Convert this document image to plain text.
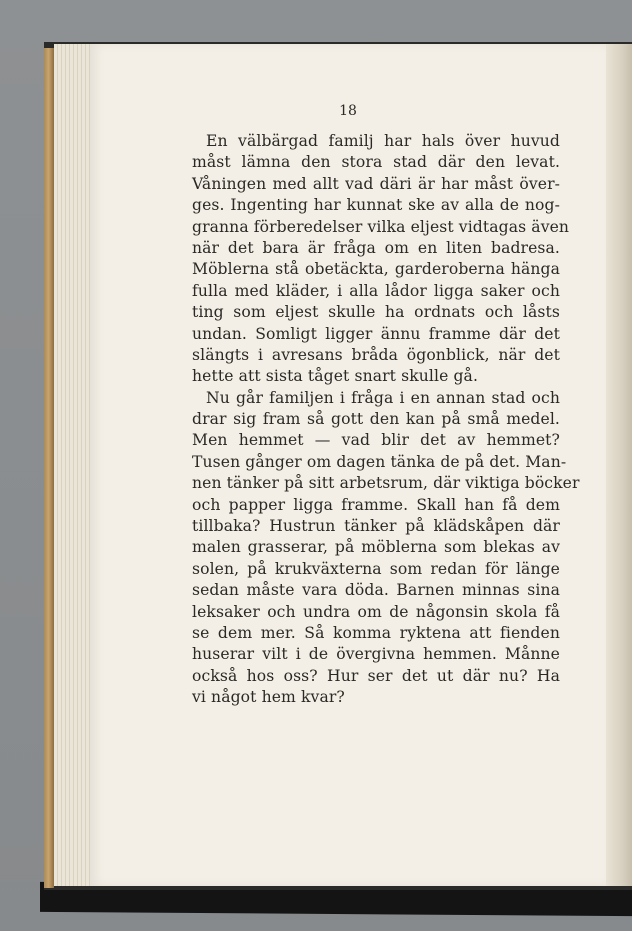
18
En välbärgad familj har hals över huvud
måst lämna den stora stad där den levat.
Våningen med allt vad däri är har måst över-
ges. Ingenting har kunnat ske av alla de nog-
granna förberedelser vilka eljest vidtagas även
när det bara är fråga om en liten badresa.
Möblerna stå obetäckta, garderoberna hänga
fulla med kläder, i alla lådor ligga saker och
ting som eljest skulle ha ordnats och låsts
undan. Somligt ligger ännu framme där det
slängts i avresans bråda ögonblick, när det
hette att sista tåget snart skulle gå.
Nu går familjen i fråga i en annan stad och
drar sig fram så gott den kan på små medel.
Men hemmet — vad blir det av hemmet?
Tusen gånger om dagen tänka de på det. Man-
nen tänker på sitt arbetsrum, där viktiga böcker
och papper ligga framme. Skall han få dem
tillbaka? Hustrun tänker på klädskåpen där
malen grasserar, på möblerna som blekas av
solen, på krukväxterna som redan för länge
sedan måste vara döda. Barnen minnas sina
leksaker och undra om de någonsin skola få
se dem mer. Så komma ryktena att fienden
huserar vilt i de övergivna hemmen. Månne
också hos oss? Hur ser det ut där nu? Ha
vi något hem kvar?
